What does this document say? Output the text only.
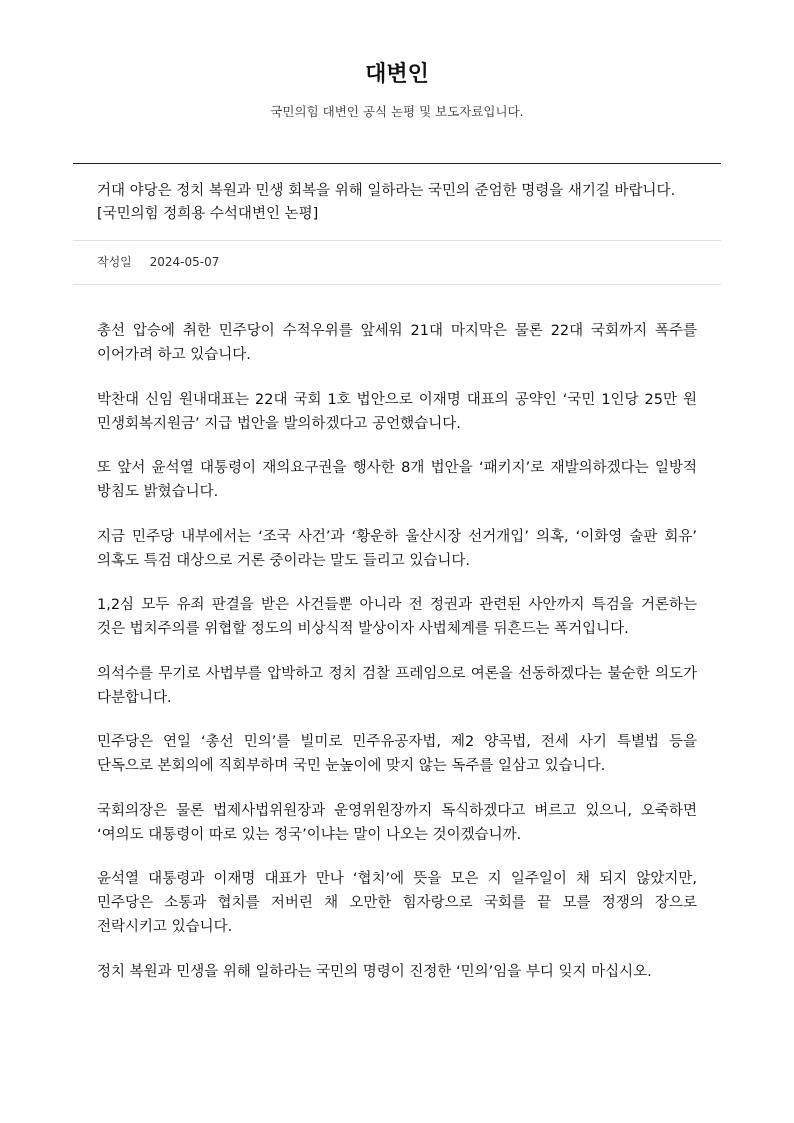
대변인
국민의힘 대변인 공식 논평 및 보도자료입니다.
거대 야당은 정치 복원과 민생 회복을 위해 일하라는 국민의 준엄한 명령을 새기길 바랍니다. [국민의힘 정희용 수석대변인 논평]
작성일 2024-05-07

총선 압승에 취한 민주당이 수적우위를 앞세워 21대 마지막은 물론 22대 국회까지 폭주를 이어가려 하고 있습니다.

박찬대 신임 원내대표는 22대 국회 1호 법안으로 이재명 대표의 공약인 ‘국민 1인당 25만 원 민생회복지원금’ 지급 법안을 발의하겠다고 공언했습니다.

또 앞서 윤석열 대통령이 재의요구권을 행사한 8개 법안을 ‘패키지’로 재발의하겠다는 일방적 방침도 밝혔습니다.

지금 민주당 내부에서는 ‘조국 사건’과 ‘황운하 울산시장 선거개입’ 의혹, ‘이화영 술판 회유’ 의혹도 특검 대상으로 거론 중이라는 말도 들리고 있습니다.

1,2심 모두 유죄 판결을 받은 사건들뿐 아니라 전 정권과 관련된 사안까지 특검을 거론하는 것은 법치주의를 위협할 정도의 비상식적 발상이자 사법체계를 뒤흔드는 폭거입니다.

의석수를 무기로 사법부를 압박하고 정치 검찰 프레임으로 여론을 선동하겠다는 불순한 의도가 다분합니다.

민주당은 연일 ‘총선 민의’를 빌미로 민주유공자법, 제2 양곡법, 전세 사기 특별법 등을 단독으로 본회의에 직회부하며 국민 눈높이에 맞지 않는 독주를 일삼고 있습니다.

국회의장은 물론 법제사법위원장과 운영위원장까지 독식하겠다고 벼르고 있으니, 오죽하면 ‘여의도 대통령이 따로 있는 정국’이냐는 말이 나오는 것이겠습니까.

윤석열 대통령과 이재명 대표가 만나 ‘협치’에 뜻을 모은 지 일주일이 채 되지 않았지만, 민주당은 소통과 협치를 저버린 채 오만한 힘자랑으로 국회를 끝 모를 정쟁의 장으로 전락시키고 있습니다.

정치 복원과 민생을 위해 일하라는 국민의 명령이 진정한 ‘민의’임을 부디 잊지 마십시오.
